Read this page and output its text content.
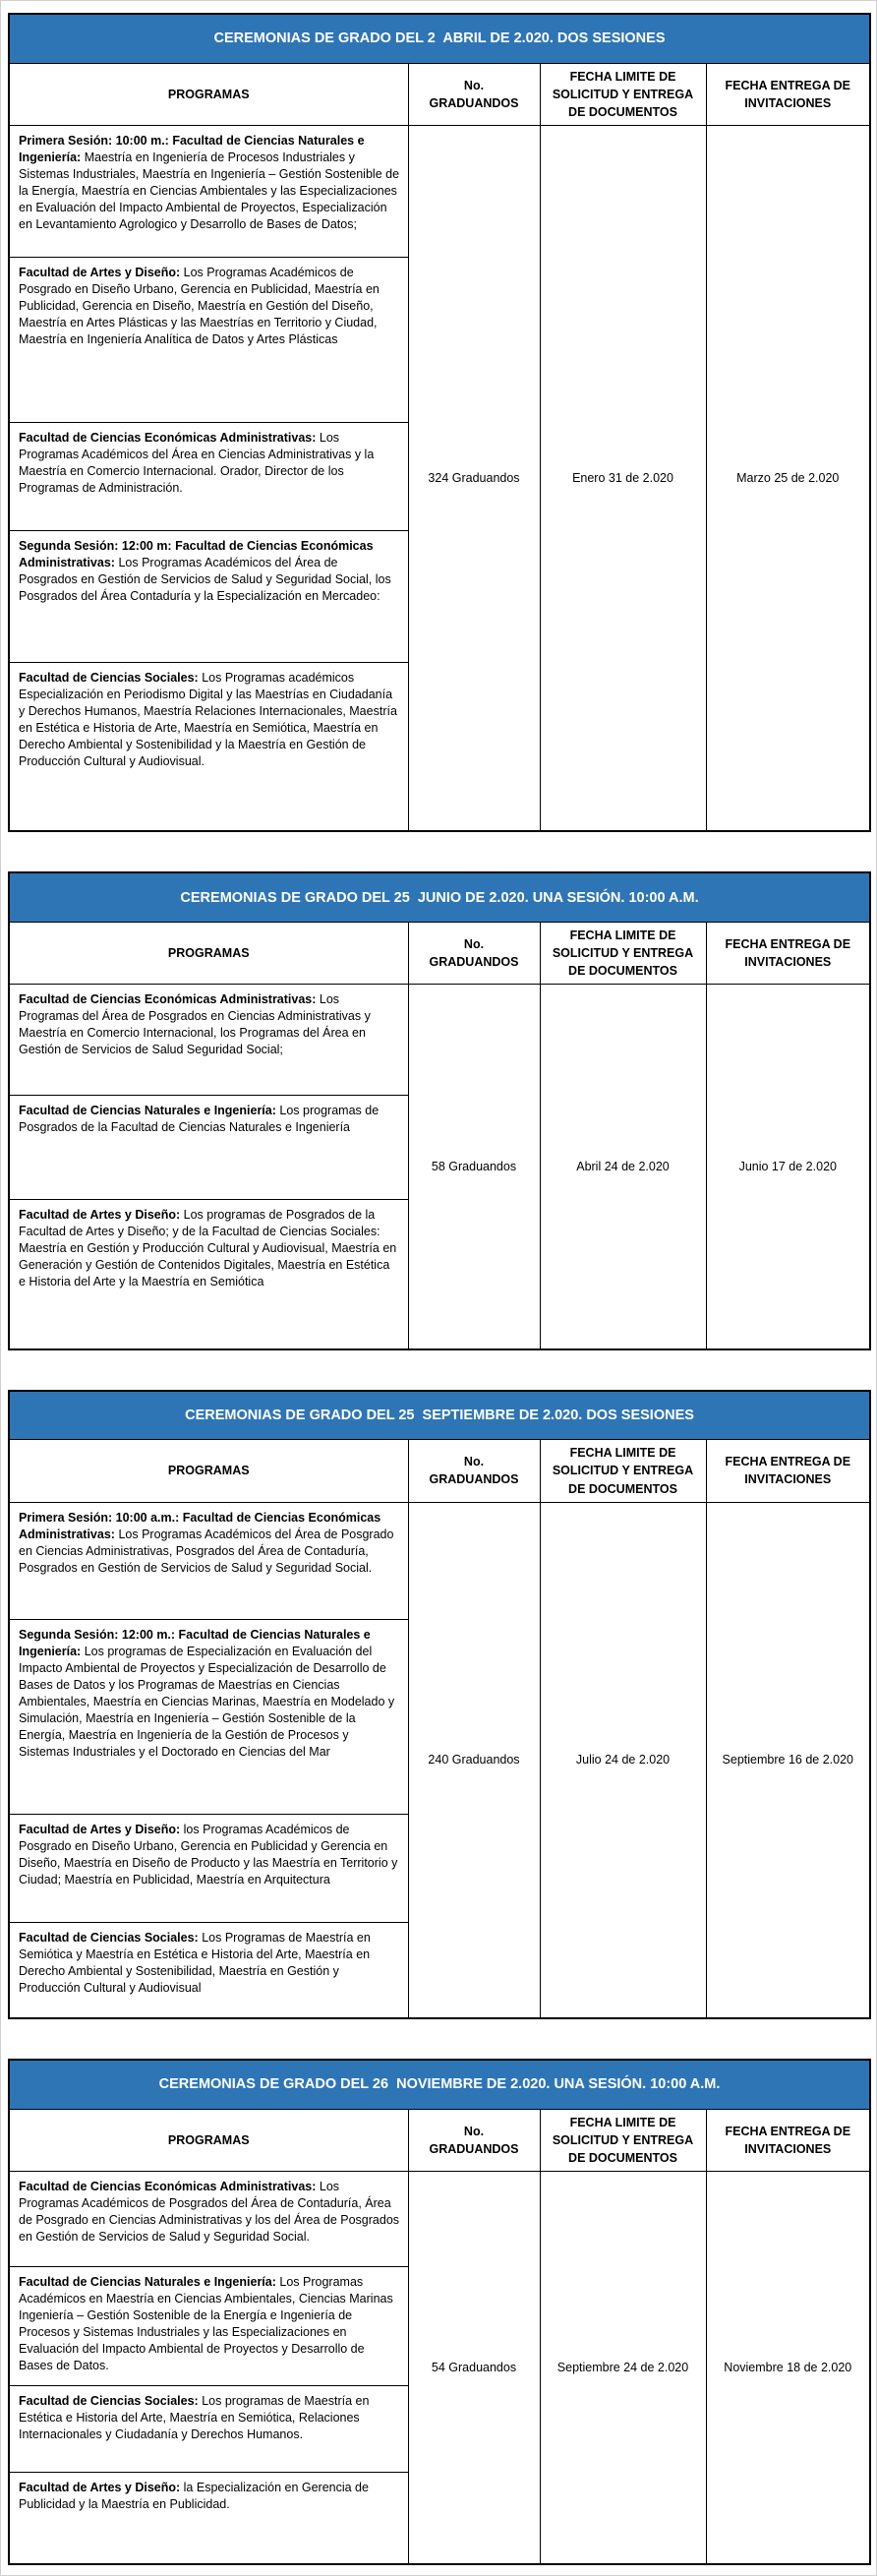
CEREMONIAS DE GRADO DEL 2  ABRIL DE 2.020. DOS SESIONES			
PROGRAMAS	No. GRADUANDOS	FECHA LIMITE DE SOLICITUD Y ENTREGA DE DOCUMENTOS	FECHA ENTREGA DE INVITACIONES
Primera Sesión: 10:00 m.: Facultad de Ciencias Naturales e Ingeniería: Maestría en Ingeniería de Procesos Industriales y Sistemas Industriales, Maestría en Ingeniería – Gestión Sostenible de la Energía, Maestría en Ciencias Ambientales y las Especializaciones en Evaluación del Impacto Ambiental de Proyectos, Especialización en Levantamiento Agrologico y Desarrollo de Bases de Datos;	324 Graduandos	Enero 31 de 2.020	Marzo 25 de 2.020
Facultad de Artes y Diseño: Los Programas Académicos de Posgrado en Diseño Urbano, Gerencia en Publicidad, Maestría en Publicidad, Gerencia en Diseño, Maestría en Gestión del Diseño, Maestría en Artes Plásticas y las Maestrías en Territorio y Ciudad, Maestría en Ingeniería Analítica de Datos y Artes Plásticas			
Facultad de Ciencias Económicas Administrativas: Los Programas Académicos del Área en Ciencias Administrativas y la Maestría en Comercio Internacional. Orador, Director de los Programas de Administración.			
Segunda Sesión: 12:00 m: Facultad de Ciencias Económicas Administrativas: Los Programas Académicos del Área de Posgrados en Gestión de Servicios de Salud y Seguridad Social, los Posgrados del Área Contaduría y la Especialización en Mercadeo:			
Facultad de Ciencias Sociales: Los Programas académicos Especialización en Periodismo Digital y las Maestrías en Ciudadanía y Derechos Humanos, Maestría Relaciones Internacionales, Maestría en Estética e Historia de Arte, Maestría en Semiótica, Maestría en Derecho Ambiental y Sostenibilidad y la Maestría en Gestión de Producción Cultural y Audiovisual.			
CEREMONIAS DE GRADO DEL 25  JUNIO DE 2.020. UNA SESIÓN. 10:00 A.M.			
PROGRAMAS	No. GRADUANDOS	FECHA LIMITE DE SOLICITUD Y ENTREGA DE DOCUMENTOS	FECHA ENTREGA DE INVITACIONES
Facultad de Ciencias Económicas Administrativas: Los Programas del Área de Posgrados en Ciencias Administrativas y Maestría en Comercio Internacional, los Programas del Área en Gestión de Servicios de Salud Seguridad Social;	58 Graduandos	Abril 24 de 2.020	Junio 17 de 2.020
Facultad de Ciencias Naturales e Ingeniería: Los programas de Posgrados de la Facultad de Ciencias Naturales e Ingeniería			
Facultad de Artes y Diseño: Los programas de Posgrados de la Facultad de Artes y Diseño; y de la Facultad de Ciencias Sociales: Maestría en Gestión y Producción Cultural y Audiovisual, Maestría en Generación y Gestión de Contenidos Digitales, Maestría en Estética e Historia del Arte y la Maestría en Semiótica			
CEREMONIAS DE GRADO DEL 25  SEPTIEMBRE DE 2.020. DOS SESIONES			
PROGRAMAS	No. GRADUANDOS	FECHA LIMITE DE SOLICITUD Y ENTREGA DE DOCUMENTOS	FECHA ENTREGA DE INVITACIONES
Primera Sesión: 10:00 a.m.: Facultad de Ciencias Económicas Administrativas: Los Programas Académicos del Área de Posgrado en Ciencias Administrativas, Posgrados del Área de Contaduría, Posgrados en Gestión de Servicios de Salud y Seguridad Social.	240 Graduandos	Julio 24 de 2.020	Septiembre 16 de 2.020
Segunda Sesión: 12:00 m.: Facultad de Ciencias Naturales e Ingeniería: Los programas de Especialización en Evaluación del Impacto Ambiental de Proyectos y Especialización de Desarrollo de Bases de Datos y los Programas de Maestrías en Ciencias Ambientales, Maestría en Ciencias Marinas, Maestría en Modelado y Simulación, Maestría en Ingeniería – Gestión Sostenible de la Energía, Maestría en Ingeniería de la Gestión de Procesos y Sistemas Industriales y el Doctorado en Ciencias del Mar			
Facultad de Artes y Diseño: los Programas Académicos de Posgrado en Diseño Urbano, Gerencia en Publicidad y Gerencia en Diseño, Maestría en Diseño de Producto y las Maestría en Territorio y Ciudad; Maestría en Publicidad, Maestría en Arquitectura			
Facultad de Ciencias Sociales: Los Programas de Maestría en Semiótica y Maestría en Estética e Historia del Arte, Maestría en Derecho Ambiental y Sostenibilidad, Maestría en Gestión y Producción Cultural y Audiovisual			
CEREMONIAS DE GRADO DEL 26  NOVIEMBRE DE 2.020. UNA SESIÓN. 10:00 A.M.			
PROGRAMAS	No. GRADUANDOS	FECHA LIMITE DE SOLICITUD Y ENTREGA DE DOCUMENTOS	FECHA ENTREGA DE INVITACIONES
Facultad de Ciencias Económicas Administrativas: Los Programas Académicos de Posgrados del Área de Contaduría, Área de Posgrado en Ciencias Administrativas y los del Área de Posgrados en Gestión de Servicios de Salud y Seguridad Social.	54 Graduandos	Septiembre 24 de 2.020	Noviembre 18 de 2.020
Facultad de Ciencias Naturales e Ingeniería: Los Programas Académicos en Maestría en Ciencias Ambientales, Ciencias Marinas Ingeniería – Gestión Sostenible de la Energía e Ingeniería de Procesos y Sistemas Industriales y las Especializaciones en Evaluación del Impacto Ambiental de Proyectos y Desarrollo de Bases de Datos.			
Facultad de Ciencias Sociales: Los programas de Maestría en Estética e Historia del Arte, Maestría en Semiótica, Relaciones Internacionales y Ciudadanía y Derechos Humanos.			
Facultad de Artes y Diseño: la Especialización en Gerencia de Publicidad y la Maestría en Publicidad.			
